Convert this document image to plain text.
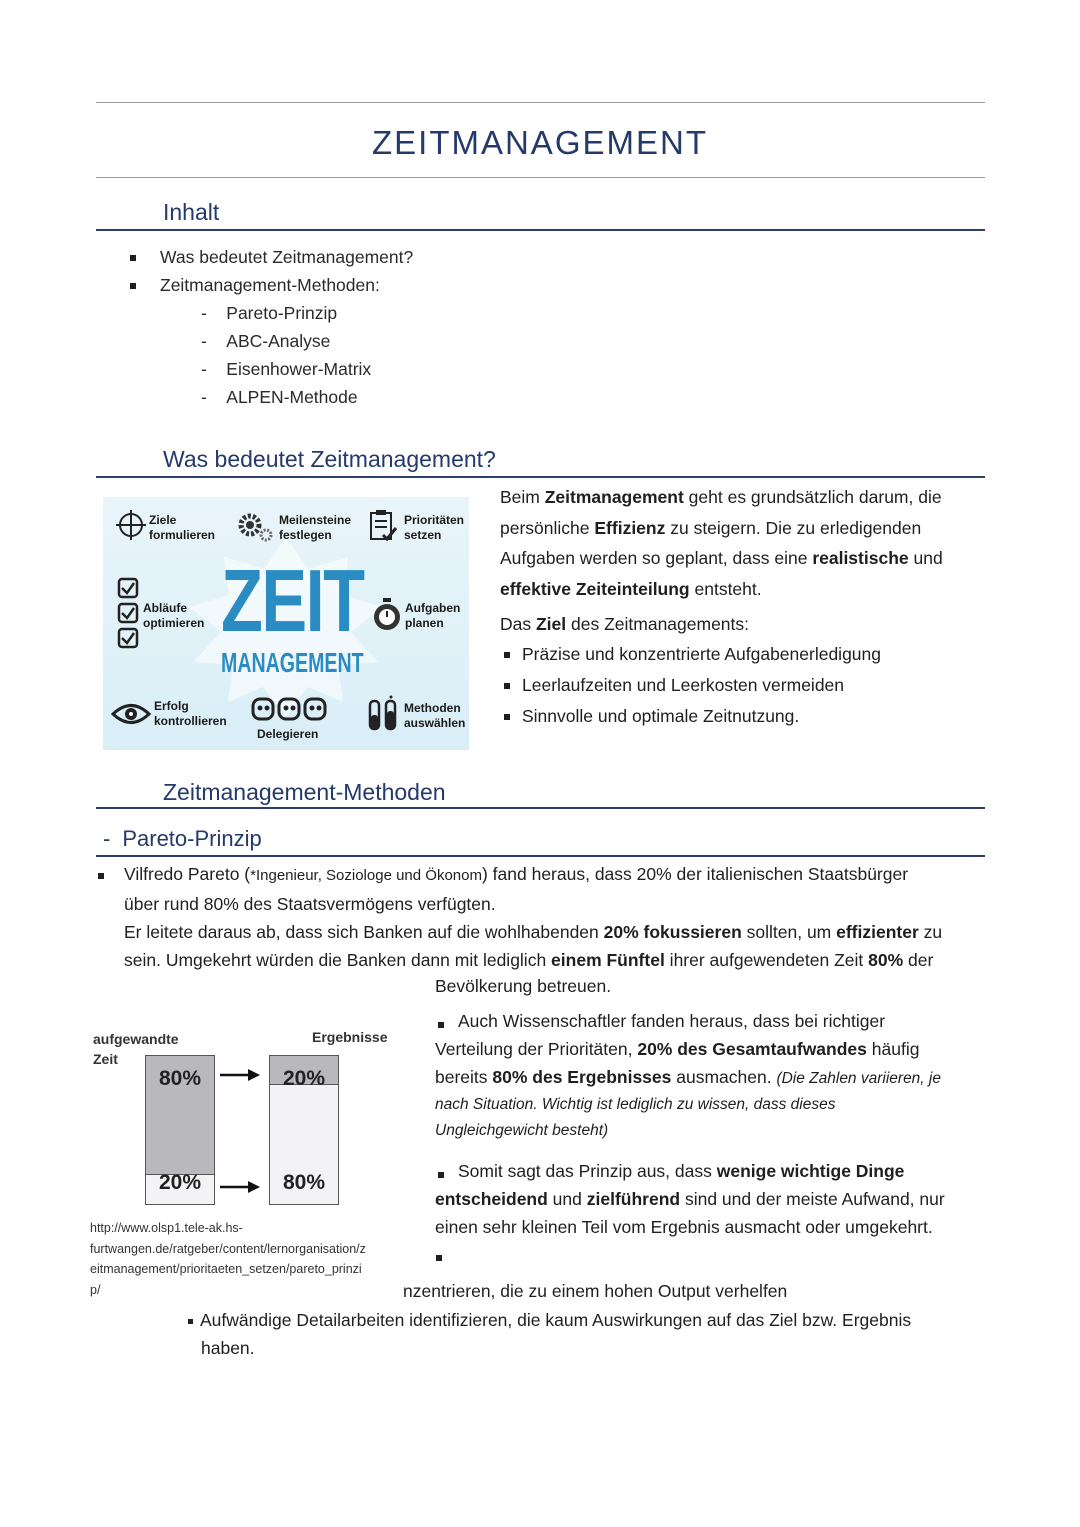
ZEITMANAGEMENT
Inhalt
Was bedeutet Zeitmanagement?
Zeitmanagement-Methoden:
-    Pareto-Prinzip
-    ABC-Analyse
-    Eisenhower-Matrix
-    ALPEN-Methode
Was bedeutet Zeitmanagement?
Ziele
formulieren
Meilensteine
festlegen
Prioritäten
setzen
Abläufe
optimieren ZEIT
MANAGEMENT
Aufgaben
planen
Erfolg
kontrollieren
Delegieren
Methoden
auswählen
Beim Zeitmanagement geht es grundsätzlich darum, die
persönliche Effizienz zu steigern. Die zu erledigenden
Aufgaben werden so geplant, dass eine realistische und
effektive Zeiteinteilung entsteht.
Das Ziel des Zeitmanagements:
Präzise und konzentrierte Aufgabenerledigung
Leerlaufzeiten und Leerkosten vermeiden
Sinnvolle und optimale Zeitnutzung.
Zeitmanagement-Methoden
- Pareto-Prinzip
Vilfredo Pareto (*Ingenieur, Soziologe und Ökonom) fand heraus, dass 20% der italienischen Staatsbürger
über rund 80% des Staatsvermögens verfügten.
Er leitete daraus ab, dass sich Banken auf die wohlhabenden 20% fokussieren sollten, um effizienter zu
sein. Umgekehrt würden die Banken dann mit lediglich einem Fünftel ihrer aufgewendeten Zeit 80% der
Bevölkerung betreuen.
aufgewandte
Zeit
Ergebnisse
80%
20%
20%
80%
http://www.olsp1.tele-ak.hs-
furtwangen.de/ratgeber/content/lernorganisation/z
eitmanagement/prioritaeten_setzen/pareto_prinzi
p/
Auch Wissenschaftler fanden heraus, dass bei richtiger
Verteilung der Prioritäten, 20% des Gesamtaufwandes häufig
bereits 80% des Ergebnisses ausmachen. (Die Zahlen variieren, je
nach Situation. Wichtig ist lediglich zu wissen, dass dieses
Ungleichgewicht besteht)
Somit sagt das Prinzip aus, dass wenige wichtige Dinge
entscheidend und zielführend sind und der meiste Aufwand, nur
einen sehr kleinen Teil vom Ergebnis ausmacht oder umgekehrt.
nzentrieren, die zu einem hohen Output verhelfen
Aufwändige Detailarbeiten identifizieren, die kaum Auswirkungen auf das Ziel bzw. Ergebnis
haben.
